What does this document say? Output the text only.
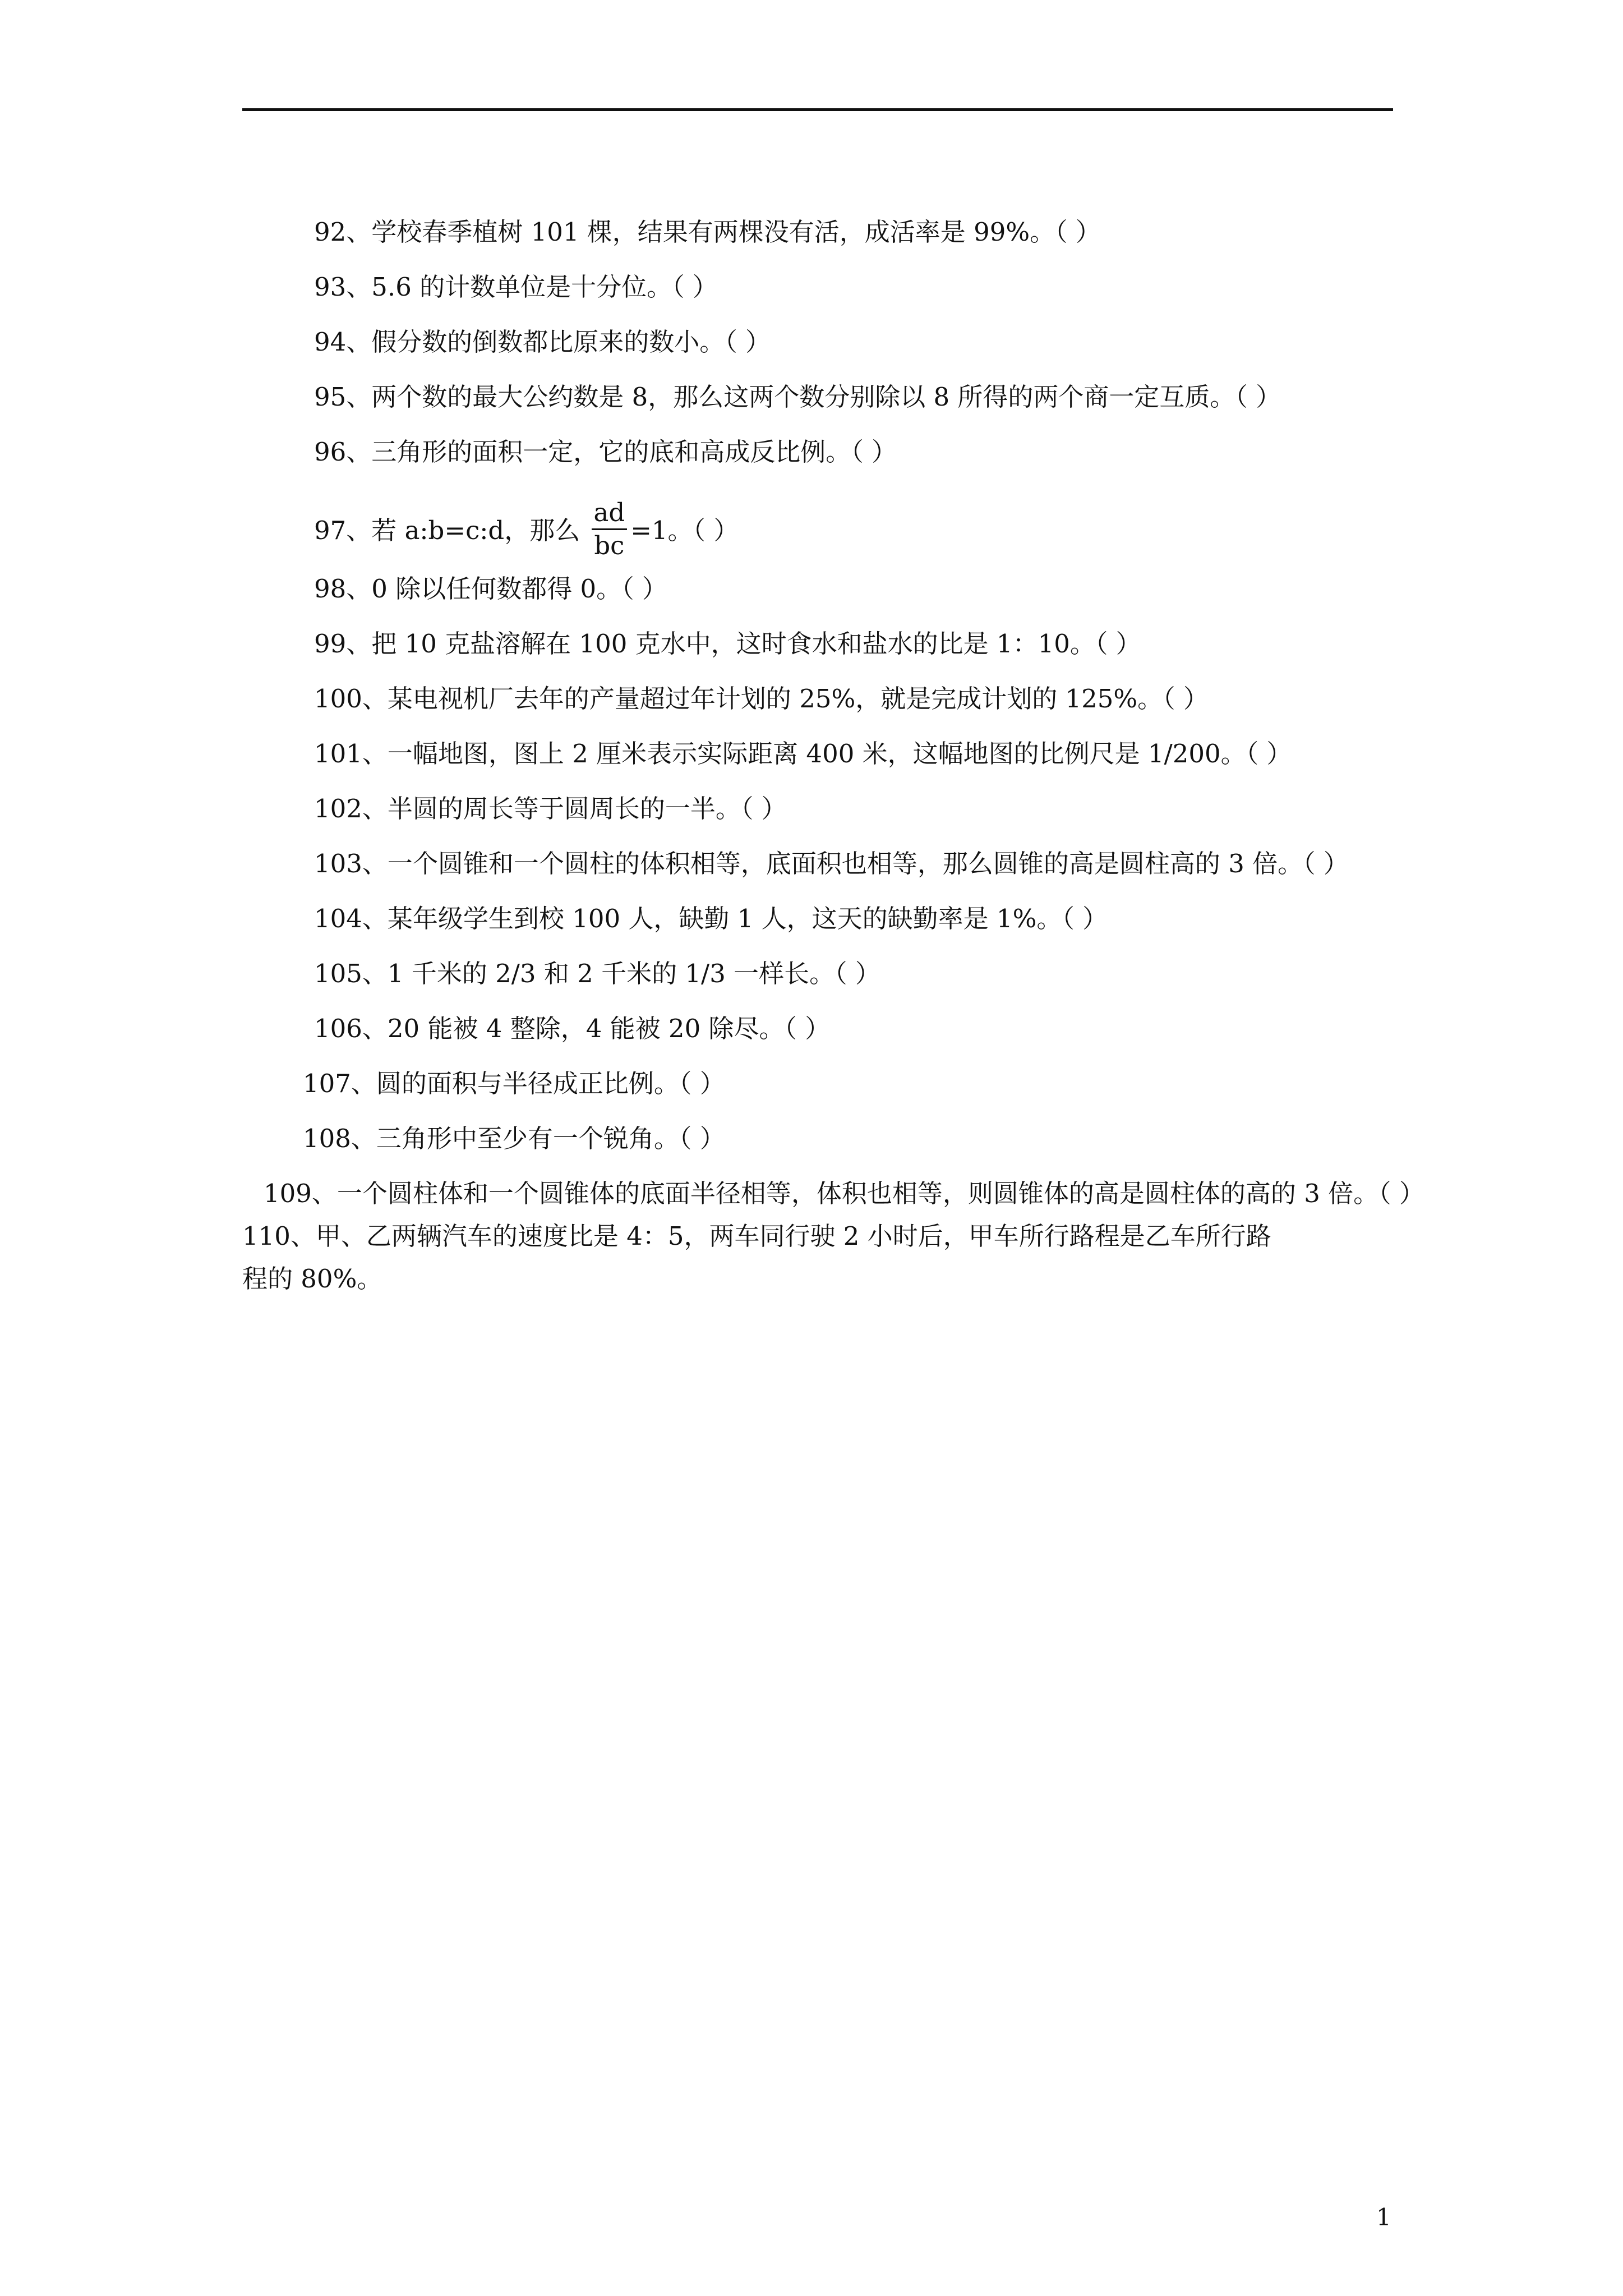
92、学校春季植树 101 棵，结果有两棵没有活，成活率是 99%。（ ）
93、5.6 的计数单位是十分位。（ ）
94、假分数的倒数都比原来的数小。（ ）
95、两个数的最大公约数是 8，那么这两个数分别除以 8 所得的两个商一定互质。（ ）
96、三角形的面积一定，它的底和高成反比例。（ ）
97、若 a:b=c:d，那么 $\frac{ad}{bc} =1$。（ ）
98、0 除以任何数都得 0。（ ）
99、把 10 克盐溶解在 100 克水中，这时食水和盐水的比是 1：10。（ ）
100、某电视机厂去年的产量超过年计划的 25%，就是完成计划的 125%。（ ）
101、一幅地图，图上 2 厘米表示实际距离 400 米，这幅地图的比例尺是 1/200。（ ）
102、半圆的周长等于圆周长的一半。（ ）
103、一个圆锥和一个圆柱的体积相等，底面积也相等，那么圆锥的高是圆柱高的 3 倍。（ ）
104、某年级学生到校 100 人，缺勤 1 人，这天的缺勤率是 1%。（ ）
105、1 千米的 2/3 和 2 千米的 1/3 一样长。（ ）
106、20 能被 4 整除，4 能被 20 除尽。（ ）
107、圆的面积与半径成正比例。（ ）
108、三角形中至少有一个锐角。（ ）
109、一个圆柱体和一个圆锥体的底面半径相等，体积也相等，则圆锥体的高是圆柱体的高的 3 倍。（ ）
110、甲、乙两辆汽车的速度比是 4：5，两车同行驶 2 小时后，甲车所行路程是乙车所行路
程的 80%。
1
